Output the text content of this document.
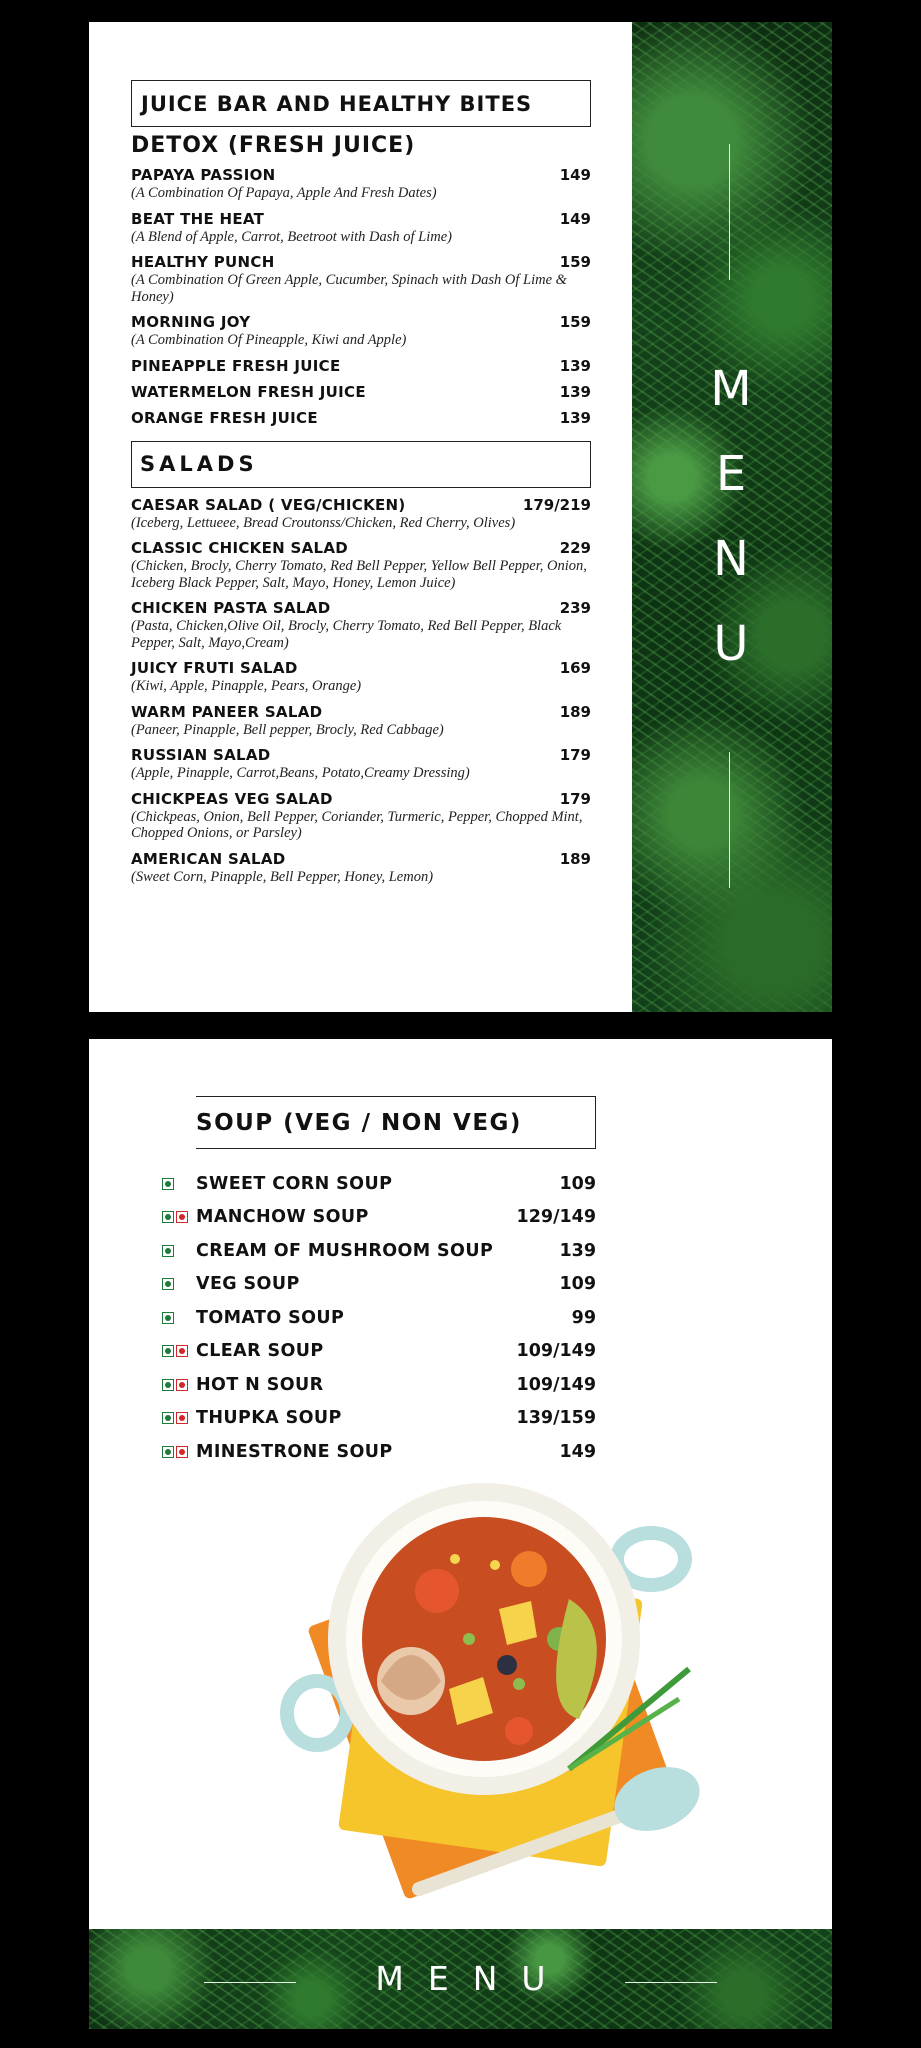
JUICE BAR AND HEALTHY BITES
DETOX (FRESH JUICE)
PAPAYA PASSION	149
(A Combination Of Papaya, Apple And Fresh Dates)
BEAT THE HEAT	149
(A Blend of Apple, Carrot, Beetroot with Dash of Lime)
HEALTHY PUNCH	159
(A Combination Of Green Apple, Cucumber, Spinach with Dash Of Lime & Honey)
MORNING JOY	159
(A Combination Of Pineapple, Kiwi and Apple)
PINEAPPLE FRESH JUICE	139
WATERMELON FRESH JUICE	139
ORANGE FRESH JUICE	139
SALADS
CAESAR SALAD ( VEG/CHICKEN)	179/219
(Iceberg, Lettueee, Bread Croutonss/Chicken, Red Cherry, Olives)
CLASSIC CHICKEN SALAD	229
(Chicken, Brocly, Cherry Tomato, Red Bell Pepper, Yellow Bell Pepper, Onion, Iceberg Black Pepper, Salt, Mayo, Honey, Lemon Juice)
CHICKEN PASTA SALAD	239
(Pasta, Chicken,Olive Oil, Brocly, Cherry Tomato, Red Bell Pepper, Black Pepper, Salt, Mayo,Cream)
JUICY FRUTI SALAD	169
(Kiwi, Apple, Pinapple, Pears, Orange)
WARM PANEER SALAD	189
(Paneer, Pinapple, Bell pepper, Brocly, Red Cabbage)
RUSSIAN SALAD	179
(Apple, Pinapple, Carrot,Beans, Potato,Creamy Dressing)
CHICKPEAS VEG SALAD	179
(Chickpeas, Onion, Bell Pepper, Coriander, Turmeric, Pepper, Chopped Mint, Chopped Onions, or Parsley)
AMERICAN SALAD	189
(Sweet Corn, Pinapple, Bell Pepper, Honey, Lemon)
M
E
N
U
SOUP (VEG / NON VEG)
SWEET CORN SOUP	109
MANCHOW SOUP	129/149
CREAM OF MUSHROOM SOUP	139
VEG SOUP	109
TOMATO SOUP	99
CLEAR SOUP	109/149
HOT N SOUR	109/149
THUPKA SOUP	139/159
MINESTRONE SOUP	149
MENU
